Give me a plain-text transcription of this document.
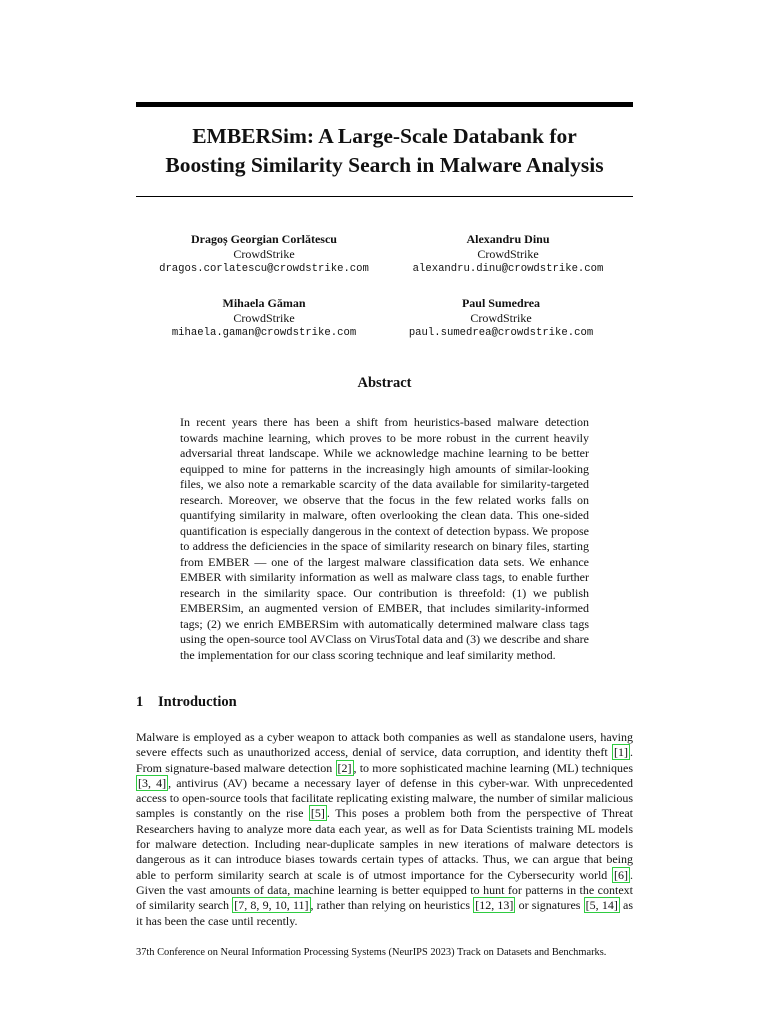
EMBERSim: A Large-Scale Databank for
Boosting Similarity Search in Malware Analysis
Dragoș Georgian Corlătescu
CrowdStrike
dragos.corlatescu@crowdstrike.com
Alexandru Dinu
CrowdStrike
alexandru.dinu@crowdstrike.com
Mihaela Găman
CrowdStrike
mihaela.gaman@crowdstrike.com
Paul Sumedrea
CrowdStrike
paul.sumedrea@crowdstrike.com
Abstract

In recent years there has been a shift from heuristics-based malware detection towards machine learning, which proves to be more robust in the current heavily adversarial threat landscape. While we acknowledge machine learning to be better equipped to mine for patterns in the increasingly high amounts of similar-looking files, we also note a remarkable scarcity of the data available for similarity-targeted research. Moreover, we observe that the focus in the few related works falls on quantifying similarity in malware, often overlooking the clean data. This one-sided quantification is especially dangerous in the context of detection bypass. We propose to address the deficiencies in the space of similarity research on binary files, starting from EMBER — one of the largest malware classification data sets. We enhance EMBER with similarity information as well as malware class tags, to enable further research in the similarity space. Our contribution is threefold: (1) we publish EMBERSim, an augmented version of EMBER, that includes similarity-informed tags; (2) we enrich EMBERSim with automatically determined malware class tags using the open-source tool AVClass on VirusTotal data and (3) we describe and share the implementation for our class scoring technique and leaf similarity method.

1 Introduction

Malware is employed as a cyber weapon to attack both companies as well as standalone users, having severe effects such as unauthorized access, denial of service, data corruption, and identity theft [1] . From signature-based malware detection [2] , to more sophisticated machine learning (ML) techniques [3, 4] , antivirus (AV) became a necessary layer of defense in this cyber-war. With unprecedented access to open-source tools that facilitate replicating existing malware, the number of similar malicious samples is constantly on the rise [5] . This poses a problem both from the perspective of Threat Researchers having to analyze more data each year, as well as for Data Scientists training ML models for malware detection. Including near-duplicate samples in new iterations of malware detectors is dangerous as it can introduce biases towards certain types of attacks. Thus, we can argue that being able to perform similarity search at scale is of utmost importance for the Cybersecurity world [6] . Given the vast amounts of data, machine learning is better equipped to hunt for patterns in the context of similarity search [7, 8, 9, 10, 11] , rather than relying on heuristics [12, 13] or signatures [5, 14] as it has been the case until recently.

37th Conference on Neural Information Processing Systems (NeurIPS 2023) Track on Datasets and Benchmarks.
